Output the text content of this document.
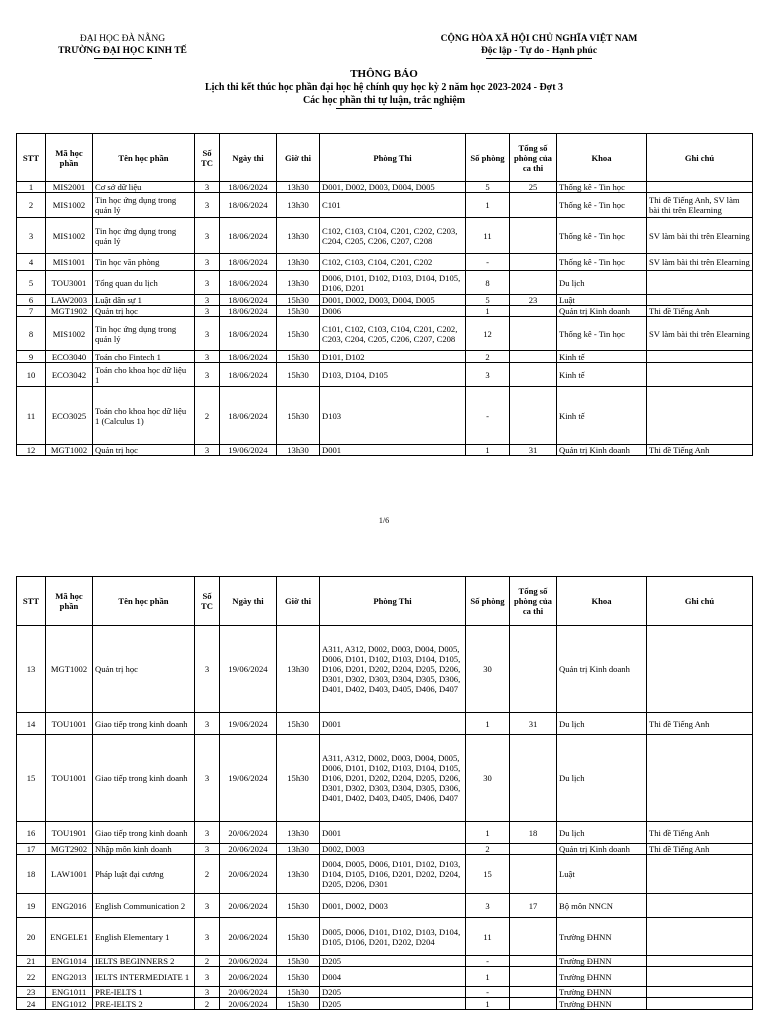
ĐẠI HỌC ĐÀ NẴNG
TRƯỜNG ĐẠI HỌC KINH TẾ
CỘNG HÒA XÃ HỘI CHỦ NGHĨA VIỆT NAM
Độc lập - Tự do - Hạnh phúc
THÔNG BÁO
Lịch thi kết thúc học phần đại học hệ chính quy học kỳ 2 năm học 2023-2024 - Đợt 3
Các học phần thi tự luận, trắc nghiệm
STT	Mã học phần	Tên học phần	Số TC	Ngày thi	Giờ thi	Phòng Thi	Số phòng	Tổng số phòng của ca thi	Khoa	Ghi chú
1	MIS2001	Cơ sở dữ liệu	3	18/06/2024	13h30	D001, D002, D003, D004, D005	5	25	Thống kê - Tin học	
2	MIS1002	Tin học ứng dụng trong quản lý	3	18/06/2024	13h30	C101	1		Thống kê - Tin học	Thi đề Tiếng Anh, SV làm bài thi trên Elearning
3	MIS1002	Tin học ứng dụng trong quản lý	3	18/06/2024	13h30	C102, C103, C104, C201, C202, C203, C204, C205, C206, C207, C208	11		Thống kê - Tin học	SV làm bài thi trên Elearning
4	MIS1001	Tin học văn phòng	3	18/06/2024	13h30	C102, C103, C104, C201, C202	-		Thống kê - Tin học	SV làm bài thi trên Elearning
5	TOU3001	Tổng quan du lịch	3	18/06/2024	13h30	D006, D101, D102, D103, D104, D105, D106, D201	8		Du lịch	
6	LAW2003	Luật dân sự 1	3	18/06/2024	15h30	D001, D002, D003, D004, D005	5	23	Luật	
7	MGT1902	Quản trị học	3	18/06/2024	15h30	D006	1		Quản trị Kinh doanh	Thi đề Tiếng Anh
8	MIS1002	Tin học ứng dụng trong quản lý	3	18/06/2024	15h30	C101, C102, C103, C104, C201, C202, C203, C204, C205, C206, C207, C208	12		Thống kê - Tin học	SV làm bài thi trên Elearning
9	ECO3040	Toán cho Fintech 1	3	18/06/2024	15h30	D101, D102	2		Kinh tế	
10	ECO3042	Toán cho khoa học dữ liệu 1	3	18/06/2024	15h30	D103, D104, D105	3		Kinh tế	
11	ECO3025	Toán cho khoa học dữ liệu 1 (Calculus 1)	2	18/06/2024	15h30	D103	-		Kinh tế	
12	MGT1002	Quản trị học	3	19/06/2024	13h30	D001	1	31	Quản trị Kinh doanh	Thi đề Tiếng Anh
1/6
STT	Mã học phần	Tên học phần	Số TC	Ngày thi	Giờ thi	Phòng Thi	Số phòng	Tổng số phòng của ca thi	Khoa	Ghi chú
13	MGT1002	Quản trị học	3	19/06/2024	13h30	A311, A312, D002, D003, D004, D005, D006, D101, D102, D103, D104, D105, D106, D201, D202, D204, D205, D206, D301, D302, D303, D304, D305, D306, D401, D402, D403, D405, D406, D407	30		Quản trị Kinh doanh	
14	TOU1001	Giao tiếp trong kinh doanh	3	19/06/2024	15h30	D001	1	31	Du lịch	Thi đề Tiếng Anh
15	TOU1001	Giao tiếp trong kinh doanh	3	19/06/2024	15h30	A311, A312, D002, D003, D004, D005, D006, D101, D102, D103, D104, D105, D106, D201, D202, D204, D205, D206, D301, D302, D303, D304, D305, D306, D401, D402, D403, D405, D406, D407	30		Du lịch	
16	TOU1901	Giao tiếp trong kinh doanh	3	20/06/2024	13h30	D001	1	18	Du lịch	Thi đề Tiếng Anh
17	MGT2902	Nhập môn kinh doanh	3	20/06/2024	13h30	D002, D003	2		Quản trị Kinh doanh	Thi đề Tiếng Anh
18	LAW1001	Pháp luật đại cương	2	20/06/2024	13h30	D004, D005, D006, D101, D102, D103, D104, D105, D106, D201, D202, D204, D205, D206, D301	15		Luật	
19	ENG2016	English Communication 2	3	20/06/2024	15h30	D001, D002, D003	3	17	Bộ môn NNCN	
20	ENGELE1	English Elementary 1	3	20/06/2024	15h30	D005, D006, D101, D102, D103, D104, D105, D106, D201, D202, D204	11		Trường ĐHNN	
21	ENG1014	IELTS BEGINNERS 2	2	20/06/2024	15h30	D205	-		Trường ĐHNN	
22	ENG2013	IELTS INTERMEDIATE 1	3	20/06/2024	15h30	D004	1		Trường ĐHNN	
23	ENG1011	PRE-IELTS 1	3	20/06/2024	15h30	D205	-		Trường ĐHNN	
24	ENG1012	PRE-IELTS 2	2	20/06/2024	15h30	D205	1		Trường ĐHNN	
